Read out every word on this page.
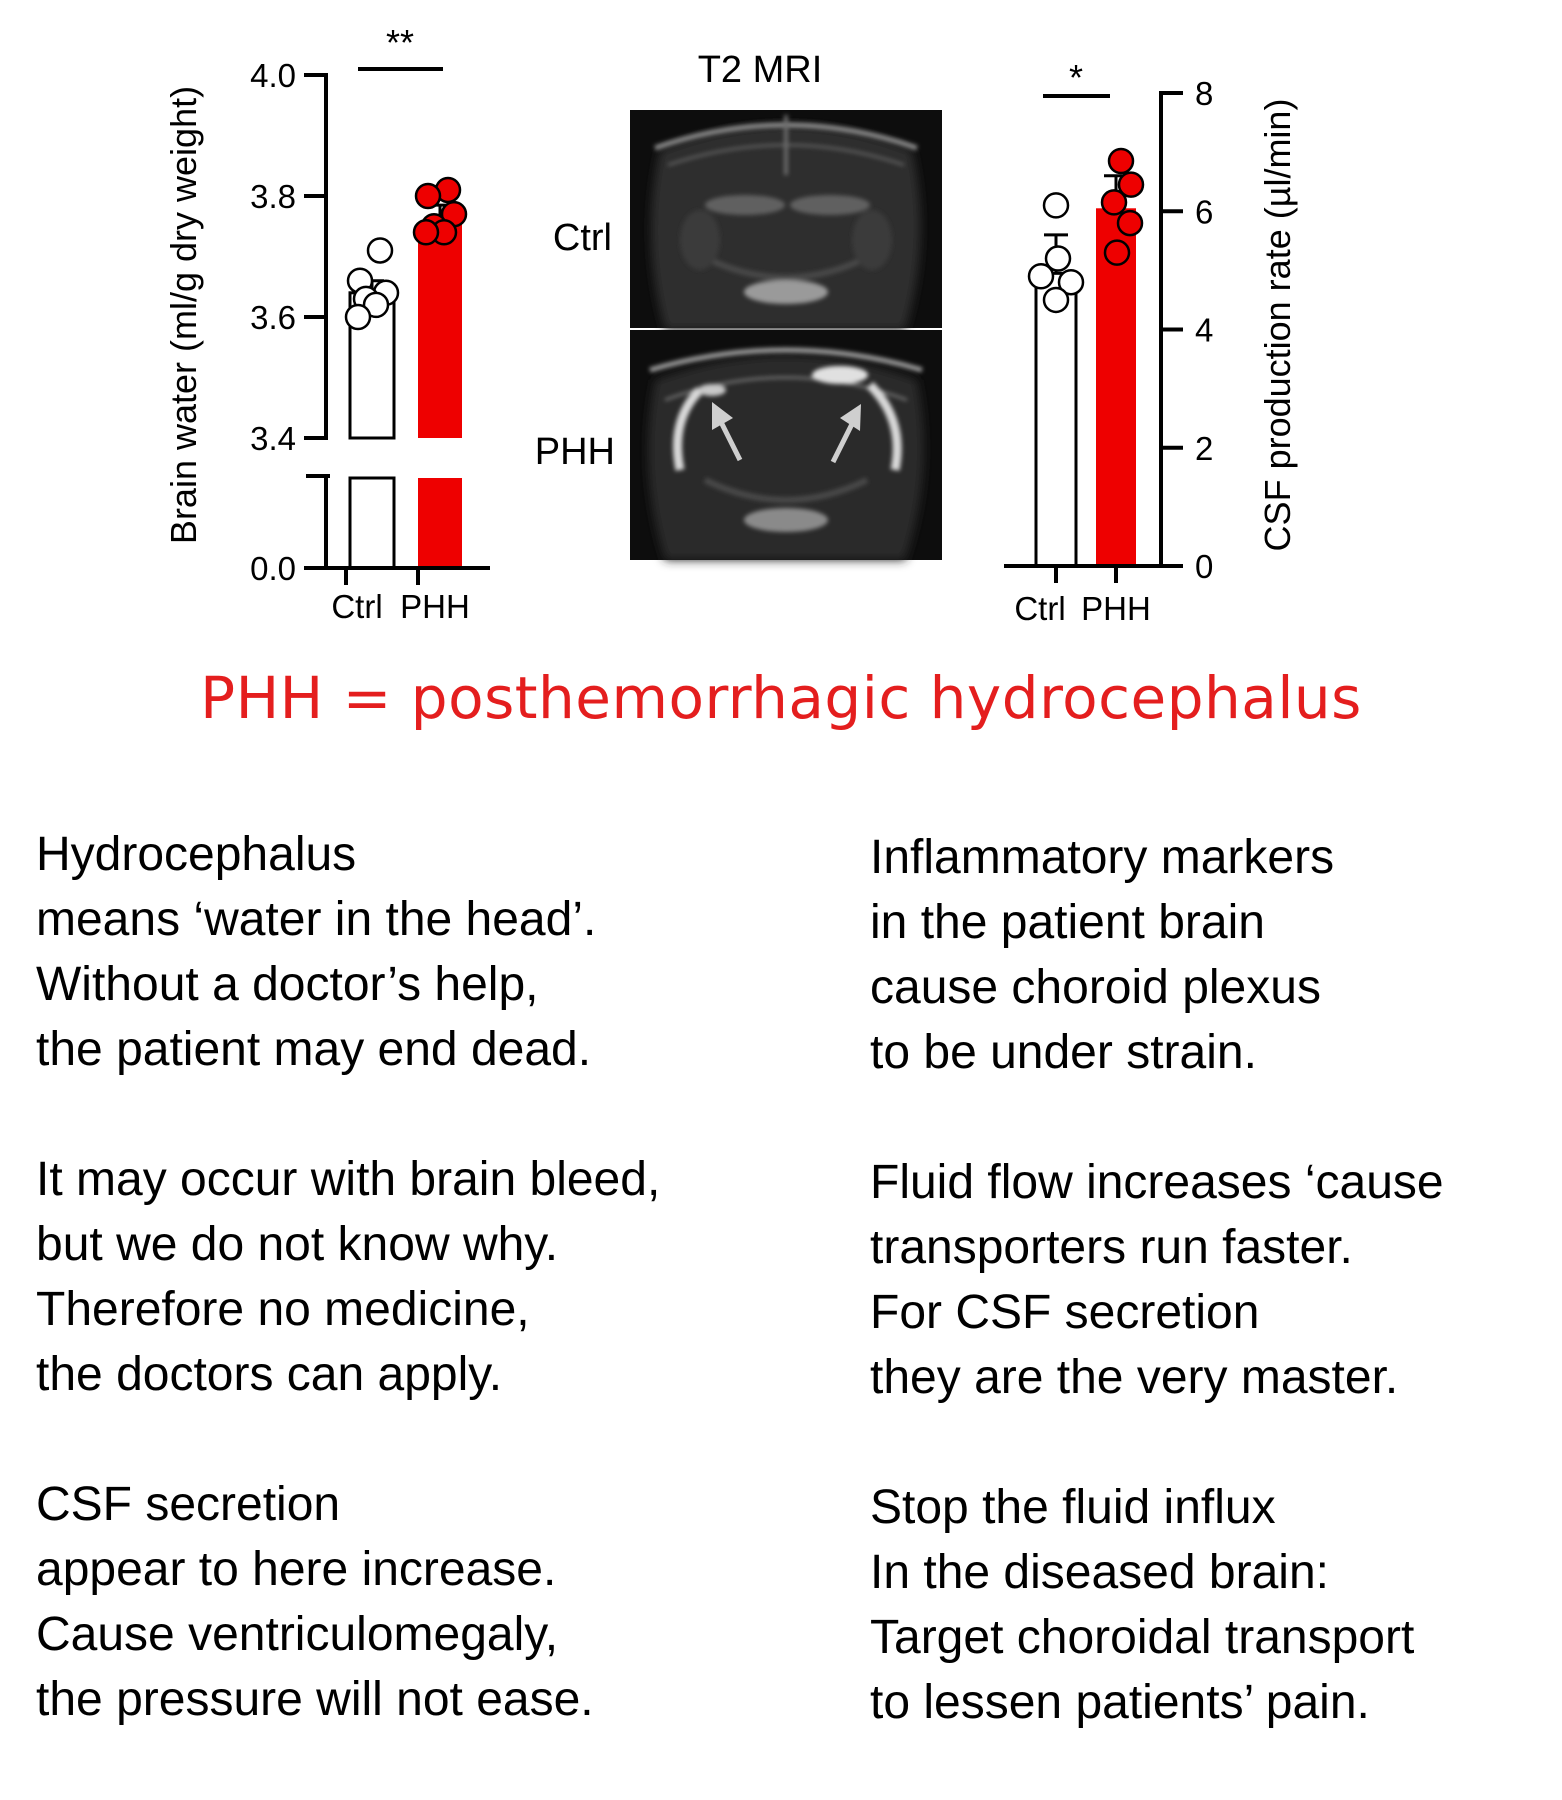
Brain water (ml/g dry weight)
0.0
3.4
3.6
3.8
4.0
Ctrl PHH
**
T2 MRI
Ctrl
PHH	CSF production rate (µl/min)
0
2
4
6
8
Ctrl PHH
*
PHH = posthemorrhagic hydrocephalus
Hydrocephalus
means ‘water in the head’.
Without a doctor’s help,
the patient may end dead.
It may occur with brain bleed,
but we do not know why.
Therefore no medicine,
the doctors can apply.
CSF secretion
appear to here increase.
Cause ventriculomegaly,
the pressure will not ease.
Inflammatory markers
in the patient brain
cause choroid plexus
to be under strain.
Fluid flow increases ‘cause
transporters run faster.
For CSF secretion
they are the very master.
Stop the fluid influx
In the diseased brain:
Target choroidal transport
to lessen patients’ pain.
